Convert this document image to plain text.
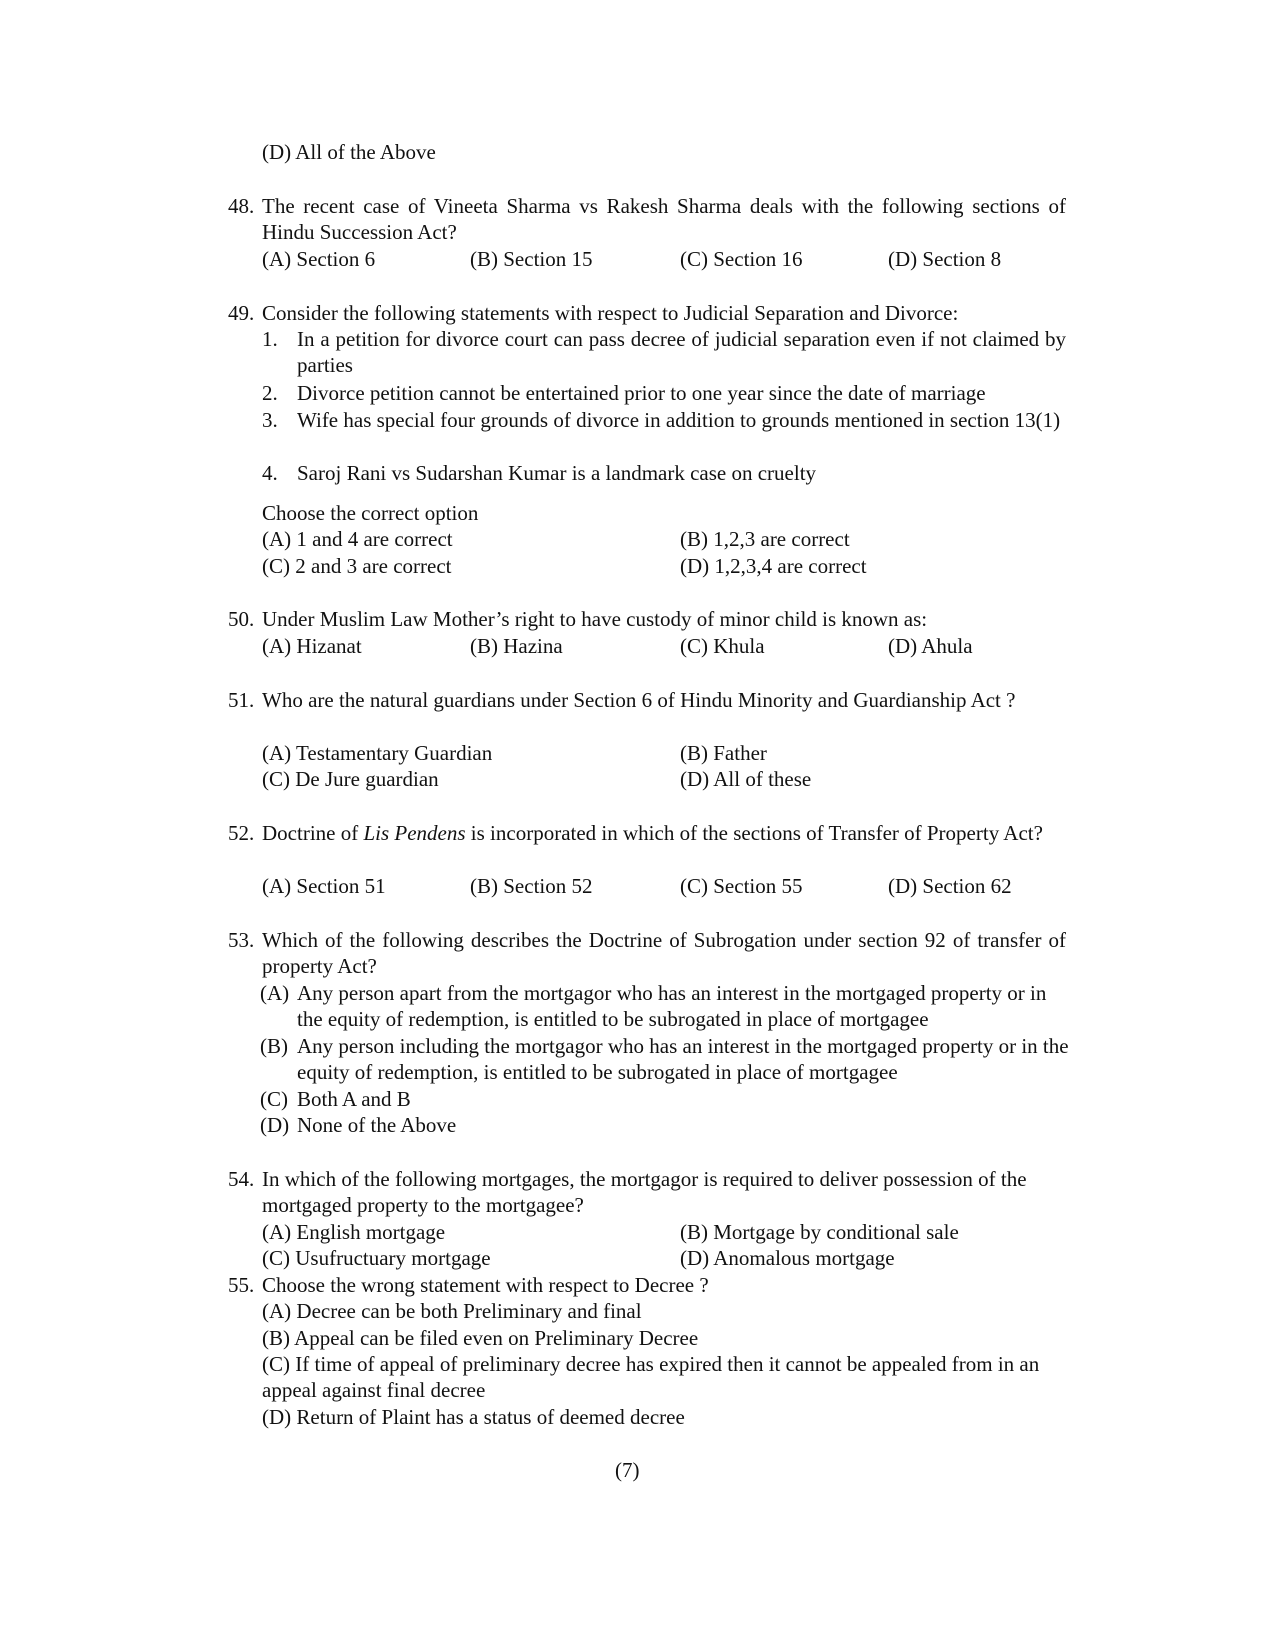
(D) All of the Above
48. The recent case of Vineeta Sharma vs Rakesh Sharma deals with the following sections of Hindu Succession Act?
(A) Section 6	(B) Section 15	(C) Section 16	(D) Section 8
49. Consider the following statements with respect to Judicial Separation and Divorce:
1. In a petition for divorce court can pass decree of judicial separation even if not claimed by parties
2. Divorce petition cannot be entertained prior to one year since the date of marriage
3. Wife has special four grounds of divorce in addition to grounds mentioned in section 13(1)
4. Saroj Rani vs Sudarshan Kumar is a landmark case on cruelty
Choose the correct option
(A) 1 and 4 are correct	(B) 1,2,3 are correct
(C) 2 and 3 are correct	(D) 1,2,3,4 are correct
50. Under Muslim Law Mother’s right to have custody of minor child is known as:
(A) Hizanat	(B) Hazina	(C) Khula	(D) Ahula
51. Who are the natural guardians under Section 6 of Hindu Minority and Guardianship Act ?
(A) Testamentary Guardian	(B) Father
(C) De Jure guardian	(D) All of these
52. Doctrine of Lis Pendens is incorporated in which of the sections of Transfer of Property Act?
(A) Section 51	(B) Section 52	(C) Section 55	(D) Section 62
53. Which of the following describes the Doctrine of Subrogation under section 92 of transfer of property Act?
(A) Any person apart from the mortgagor who has an interest in the mortgaged property or in the equity of redemption, is entitled to be subrogated in place of mortgagee
(B) Any person including the mortgagor who has an interest in the mortgaged property or in the equity of redemption, is entitled to be subrogated in place of mortgagee
(C) Both A and B
(D) None of the Above
54. In which of the following mortgages, the mortgagor is required to deliver possession of the mortgaged property to the mortgagee?
(A) English mortgage	(B) Mortgage by conditional sale
(C) Usufructuary mortgage	(D) Anomalous mortgage
55. Choose the wrong statement with respect to Decree ?
(A) Decree can be both Preliminary and final
(B) Appeal can be filed even on Preliminary Decree
(C) If time of appeal of preliminary decree has expired then it cannot be appealed from in an appeal against final decree
(D) Return of Plaint has a status of deemed decree
(7)
